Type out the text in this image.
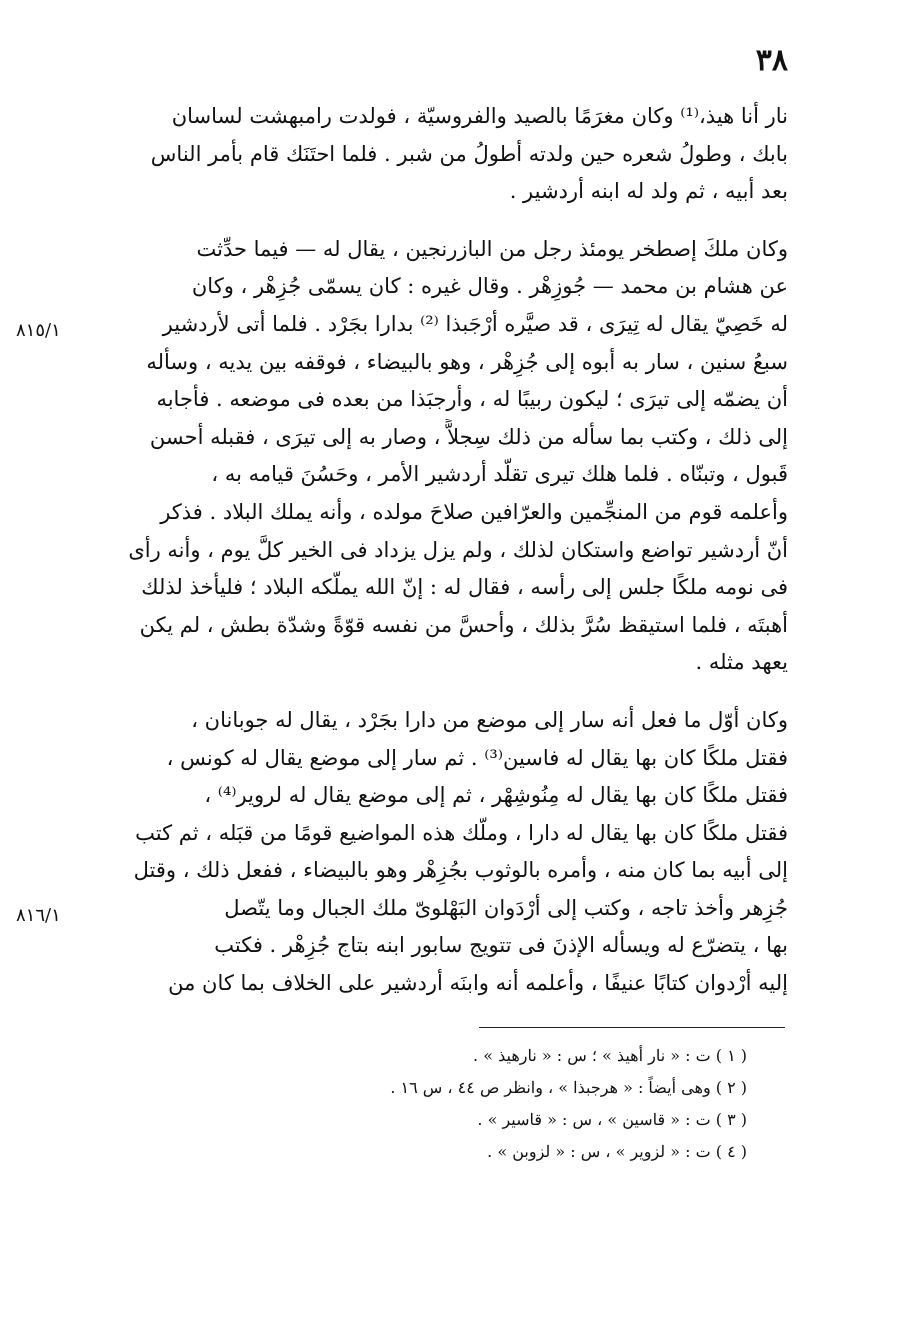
٣٨
نار أنا هيذ،⁽¹⁾ وكان مغرَمًا بالصيد والفروسيّة ، فولدت رامبهشت لساسان
بابك ، وطولُ شعره حين ولدته أطولُ من شبر . فلما احتَنَك قام بأمر الناس
بعد أبيه ، ثم ولد له ابنه أردشير .
وكان ملكَ إصطخر يومئذ رجل من البازرنجين ، يقال له — فيما حدِّثت
عن هشام بن محمد — جُوزِهْر . وقال غيره : كان يسمّى جُزِهْر ، وكان
له خَصِيّ يقال له تِيرَى ، قد صيَّره أرْجَبذا ⁽²⁾ بدارا بجَرْد . فلما أتى لأردشير
سبعُ سنين ، سار به أبوه إلى جُزِهْر ، وهو بالبيضاء ، فوقفه بين يديه ، وسأله
أن يضمّه إلى تيرَى ؛ ليكون ربيبًا له ، وأرجبَذا من بعده فى موضعه . فأجابه
إلى ذلك ، وكتب بما سأله من ذلك سِجلاًّ ، وصار به إلى تيرَى ، فقبله أحسن
قَبول ، وتبنّاه . فلما هلك تيرى تقلّد أردشير الأمر ، وحَسُنَ قيامه به ،
وأعلمه قوم من المنجِّمين والعرّافين صلاحَ مولده ، وأنه يملك البلاد . فذكر
أنّ أردشير تواضع واستكان لذلك ، ولم يزل يزداد فى الخير كلَّ يوم ، وأنه رأى
فى نومه ملكًا جلس إلى رأسه ، فقال له : إنّ الله يملّكه البلاد ؛ فليأخذ لذلك
أهبتَه ، فلما استيقظ سُرَّ بذلك ، وأحسَّ من نفسه قوّةً وشدّة بطش ، لم يكن
يعهد مثله .
وكان أوّل ما فعل أنه سار إلى موضع من دارا بجَرْد ، يقال له جوبانان ،
فقتل ملكًا كان بها يقال له فاسين⁽³⁾ . ثم سار إلى موضع يقال له كونس ،
فقتل ملكًا كان بها يقال له مِنُوشِهْر ، ثم إلى موضع يقال له لروير⁽⁴⁾ ،
فقتل ملكًا كان بها يقال له دارا ، وملّك هذه المواضيع قومًا من قبَله ، ثم كتب
إلى أبيه بما كان منه ، وأمره بالوثوب بجُزِهْر وهو بالبيضاء ، ففعل ذلك ، وقتل
جُزِهر وأخذ تاجه ، وكتب إلى أرْدَوان البَهْلوىّ ملك الجبال وما يتّصل
بها ، يتضرّع له ويسأله الإذنَ فى تتويج سابور ابنه بتاج جُزِهْر . فكتب
إليه أرْدوان كتابًا عنيفًا ، وأعلمه أنه وابنَه أردشير على الخلاف بما كان من
٨١٥/١
٨١٦/١
( ١ ) ت : « نار أهيذ » ؛ س : « نارهيذ » .
( ٢ ) وهى أيضاً : « هرجبذا » ، وانظر ص ٤٤ ، س ١٦ .
( ٣ ) ت : « قاسين » ، س : « قاسير » .
( ٤ ) ت : « لزوير » ، س : « لزوبن » .
